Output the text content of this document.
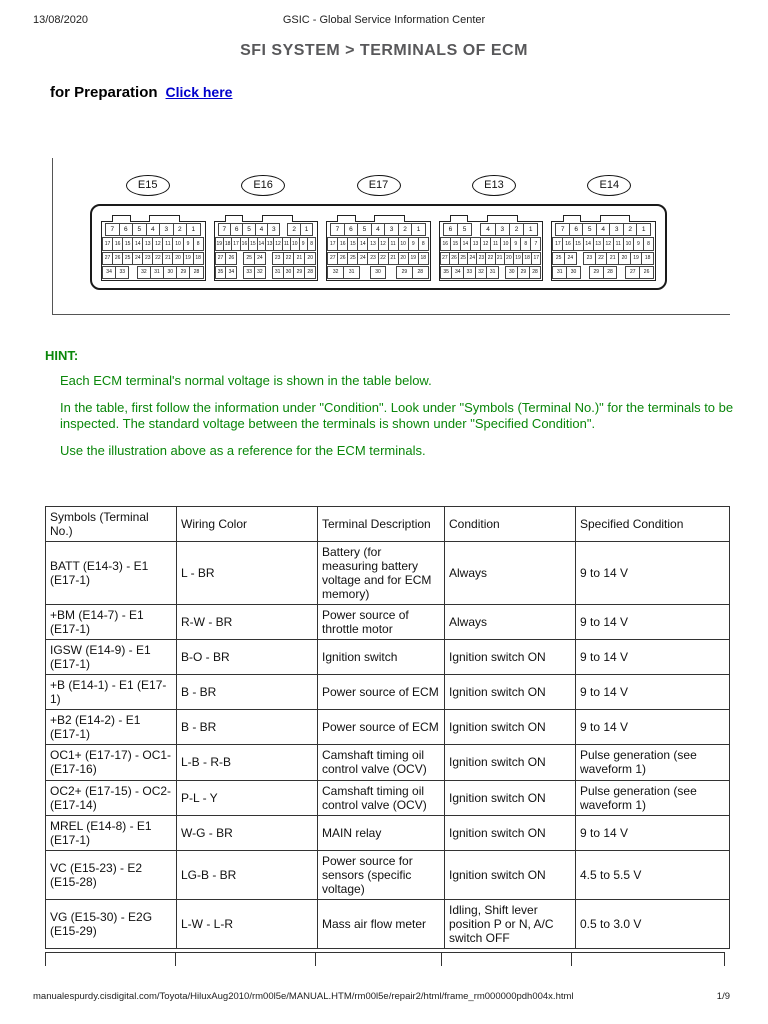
13/08/2020	GSIC - Global Service Information Center
SFI SYSTEM > TERMINALS OF ECM
for Preparation Click here
E15	E16	E17	E13	E14
7	6	5	4	3	2	1
17 16 15 14 13 12 11 10	9	8
27 26 25 24 23 22 21 20 19 18
34	33	32	31	30	29	28
7	6	5	4	3	2	1
19 18 17 16 15 14 13 12 11 10 9	8
27	26	25	24	23	22	21	20
35	34	33	32	31	30	29	28
7	6	5	4	3	2	1
17 16 15 14 13 12 11 10	9	8
27 26 25 24 23 22 21 20 19 18
32	31	30	29	28
6	5	4	3	2	1
16 15 14 13 12 11 10	9	8	7
27 26 25 24 23 22 21 20 19 18 17
35	34	33	32	31	30	29	28
7	6	5	4	3	2	1
17 16 15 14 13 12 11 10	9	8
25	24	23	22	21	20	19	18
31	30	29	28	27	26
HINT:

Each ECM terminal's normal voltage is shown in the table below.

In the table, first follow the information under "Condition". Look under "Symbols (Terminal No.)" for the terminals to be inspected. The standard voltage between the terminals is shown under "Specified Condition".

Use the illustration above as a reference for the ECM terminals.

Symbols (Terminal No.)	Wiring Color	Terminal Description	Condition	Specified Condition
BATT (E14-3) - E1 (E17-1)	L - BR	Battery (for measuring battery voltage and for ECM memory)	Always	9 to 14 V
+BM (E14-7) - E1 (E17-1)	R-W - BR	Power source of throttle motor	Always	9 to 14 V
IGSW (E14-9) - E1 (E17-1)	B-O - BR	Ignition switch	Ignition switch ON	9 to 14 V
+B (E14-1) - E1 (E17-1)	B - BR	Power source of ECM	Ignition switch ON	9 to 14 V
+B2 (E14-2) - E1 (E17-1)	B - BR	Power source of ECM	Ignition switch ON	9 to 14 V
OC1+ (E17-17) - OC1- (E17-16)	L-B - R-B	Camshaft timing oil control valve (OCV)	Ignition switch ON	Pulse generation (see waveform 1)
OC2+ (E17-15) - OC2- (E17-14)	P-L - Y	Camshaft timing oil control valve (OCV)	Ignition switch ON	Pulse generation (see waveform 1)
MREL (E14-8) - E1 (E17-1)	W-G - BR	MAIN relay	Ignition switch ON	9 to 14 V
VC (E15-23) - E2 (E15-28)	LG-B - BR	Power source for sensors (specific voltage)	Ignition switch ON	4.5 to 5.5 V
VG (E15-30) - E2G (E15-29)	L-W - L-R	Mass air flow meter	Idling, Shift lever position P or N, A/C switch OFF	0.5 to 3.0 V
manualespurdy.cisdigital.com/Toyota/HiluxAug2010/rm00l5e/MANUAL.HTM/rm00l5e/repair2/html/frame_rm000000pdh004x.html	1/9
